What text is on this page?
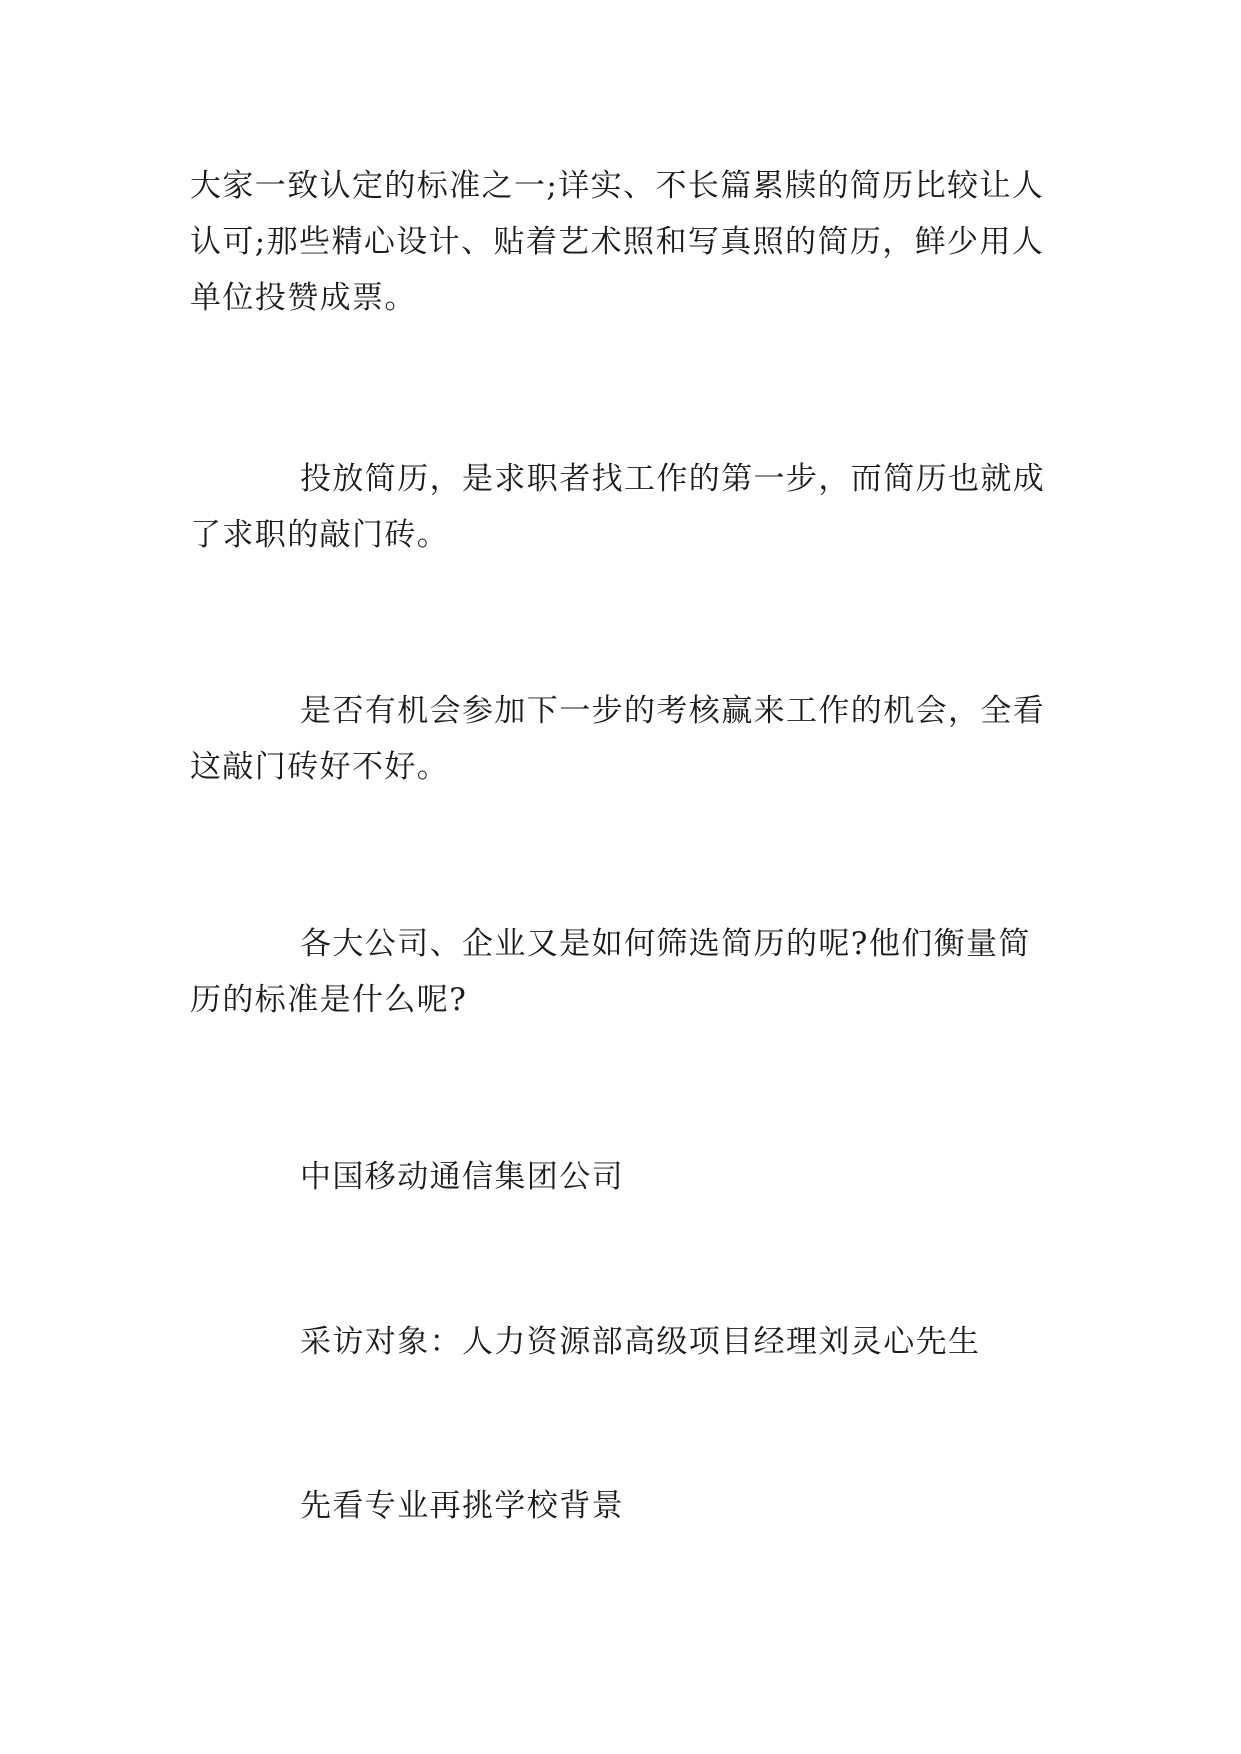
大家一致认定的标准之一;详实、不长篇累牍的简历比较让人认可;那些精心设计、贴着艺术照和写真照的简历，鲜少用人单位投赞成票。

投放简历，是求职者找工作的第一步，而简历也就成了求职的敲门砖。

是否有机会参加下一步的考核赢来工作的机会，全看这敲门砖好不好。

各大公司、企业又是如何筛选简历的呢?他们衡量简历的标准是什么呢?

中国移动通信集团公司

采访对象：人力资源部高级项目经理刘灵心先生

先看专业再挑学校背景
